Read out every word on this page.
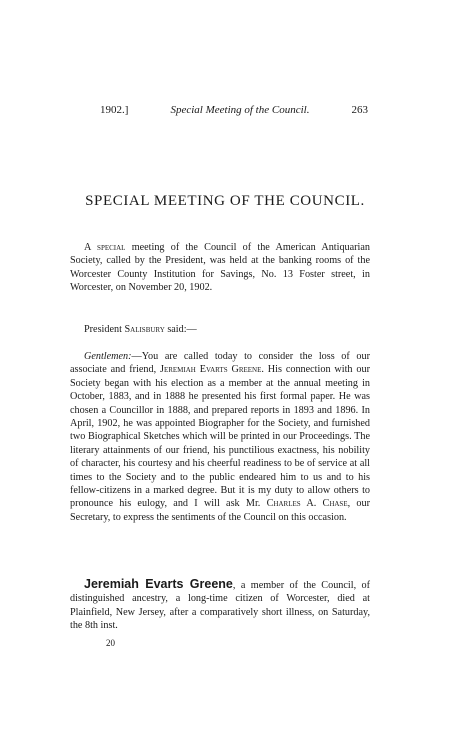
1902.]	Special Meeting of the Council.	263
SPECIAL MEETING OF THE COUNCIL.

A special meeting of the Council of the American Antiquarian Society, called by the President, was held at the banking rooms of the Worcester County Institution for Savings, No. 13 Foster street, in Worcester, on November 20, 1902.

President Salisbury said:—

Gentlemen:—You are called today to consider the loss of our associate and friend, Jeremiah Evarts Greene. His connection with our Society began with his election as a member at the annual meeting in October, 1883, and in 1888 he presented his first formal paper. He was chosen a Councillor in 1888, and prepared reports in 1893 and 1896. In April, 1902, he was appointed Biographer for the Society, and furnished two Biographical Sketches which will be printed in our Proceedings. The literary attainments of our friend, his punctilious exactness, his nobility of character, his courtesy and his cheerful readiness to be of service at all times to the Society and to the public endeared him to us and to his fellow-citizens in a marked degree. But it is my duty to allow others to pronounce his eulogy, and I will ask Mr. Charles A. Chase, our Secretary, to express the sentiments of the Council on this occasion.

Jeremiah Evarts Greene, a member of the Council, of distinguished ancestry, a long-time citizen of Worcester, died at Plainfield, New Jersey, after a comparatively short illness, on Saturday, the 8th inst.

20
